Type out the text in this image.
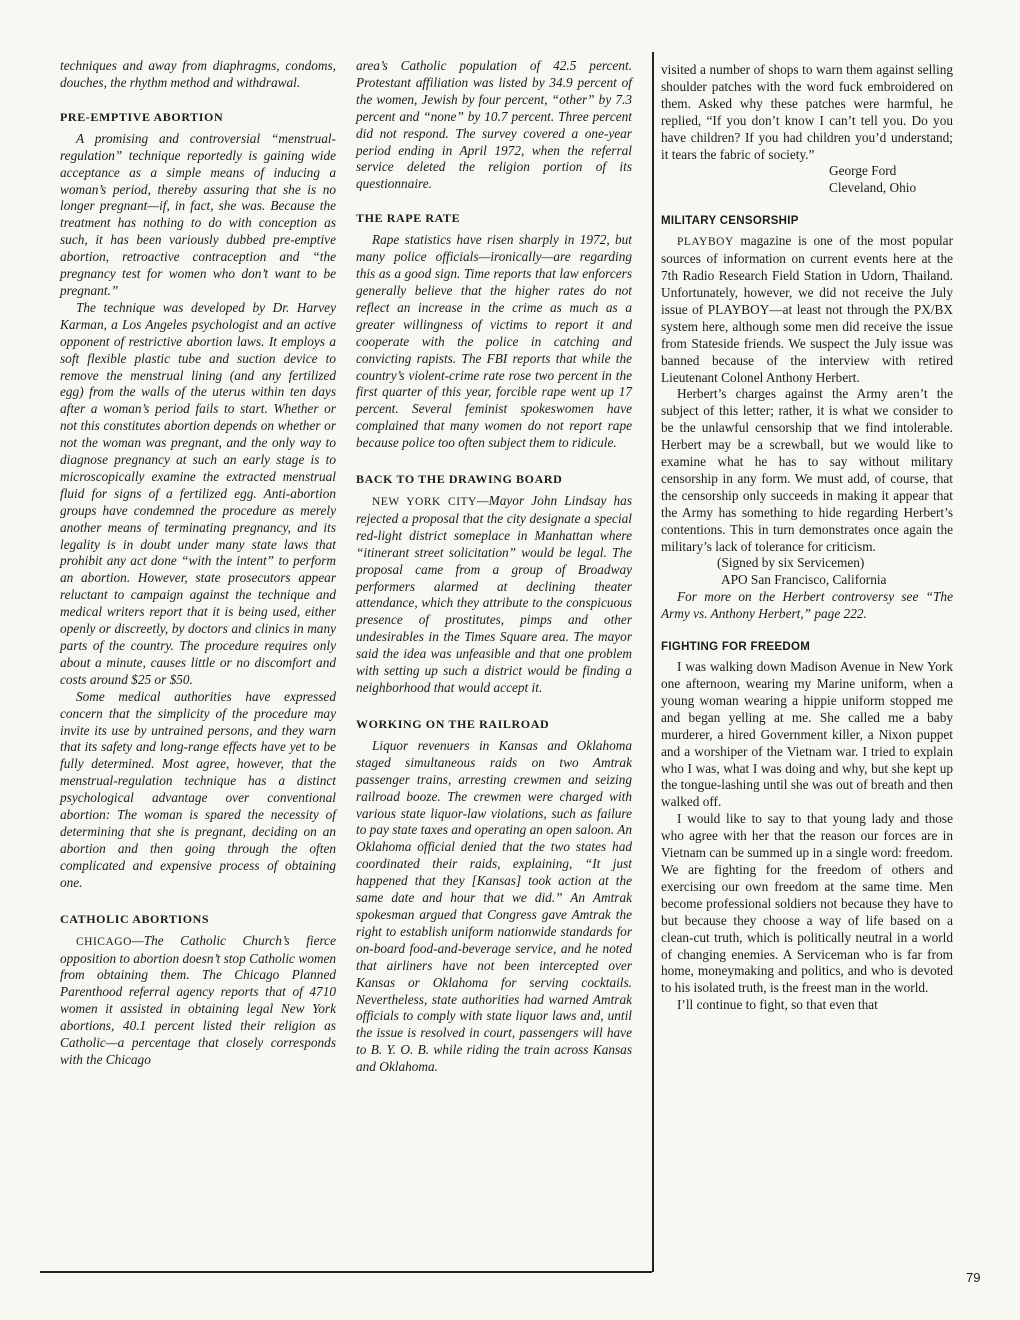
techniques and away from diaphragms, condoms, douches, the rhythm method and withdrawal.

PRE-EMPTIVE ABORTION

A promising and controversial “menstrual-regulation” technique reportedly is gaining wide acceptance as a simple means of inducing a woman’s period, thereby assuring that she is no longer pregnant—if, in fact, she was. Because the treatment has nothing to do with conception as such, it has been variously dubbed pre-emptive abortion, retroactive contraception and “the pregnancy test for women who don’t want to be pregnant.”

The technique was developed by Dr. Harvey Karman, a Los Angeles psychologist and an active opponent of restrictive abortion laws. It employs a soft flexible plastic tube and suction device to remove the menstrual lining (and any fertilized egg) from the walls of the uterus within ten days after a woman’s period fails to start. Whether or not this constitutes abortion depends on whether or not the woman was pregnant, and the only way to diagnose pregnancy at such an early stage is to microscopically examine the extracted menstrual fluid for signs of a fertilized egg. Anti-abortion groups have condemned the procedure as merely another means of terminating pregnancy, and its legality is in doubt under many state laws that prohibit any act done “with the intent” to perform an abortion. However, state prosecutors appear reluctant to campaign against the technique and medical writers report that it is being used, either openly or discreetly, by doctors and clinics in many parts of the country. The procedure requires only about a minute, causes little or no discomfort and costs around $25 or $50.

Some medical authorities have expressed concern that the simplicity of the procedure may invite its use by untrained persons, and they warn that its safety and long-range effects have yet to be fully determined. Most agree, however, that the menstrual-regulation technique has a distinct psychological advantage over conventional abortion: The woman is spared the necessity of determining that she is pregnant, deciding on an abortion and then going through the often complicated and expensive process of obtaining one.

CATHOLIC ABORTIONS

CHICAGO—The Catholic Church’s fierce opposition to abortion doesn’t stop Catholic women from obtaining them. The Chicago Planned Parenthood referral agency reports that of 4710 women it assisted in obtaining legal New York abortions, 40.1 percent listed their religion as Catholic—a percentage that closely corresponds with the Chicago

area’s Catholic population of 42.5 percent. Protestant affiliation was listed by 34.9 percent of the women, Jewish by four percent, “other” by 7.3 percent and “none” by 10.7 percent. Three percent did not respond. The survey covered a one-year period ending in April 1972, when the referral service deleted the religion portion of its questionnaire.

THE RAPE RATE

Rape statistics have risen sharply in 1972, but many police officials—ironically—are regarding this as a good sign. Time reports that law enforcers generally believe that the higher rates do not reflect an increase in the crime as much as a greater willingness of victims to report it and cooperate with the police in catching and convicting rapists. The FBI reports that while the country’s violent-crime rate rose two percent in the first quarter of this year, forcible rape went up 17 percent. Several feminist spokeswomen have complained that many women do not report rape because police too often subject them to ridicule.

BACK TO THE DRAWING BOARD

NEW YORK CITY—Mayor John Lindsay has rejected a proposal that the city designate a special red-light district someplace in Manhattan where “itinerant street solicitation” would be legal. The proposal came from a group of Broadway performers alarmed at declining theater attendance, which they attribute to the conspicuous presence of prostitutes, pimps and other undesirables in the Times Square area. The mayor said the idea was unfeasible and that one problem with setting up such a district would be finding a neighborhood that would accept it.

WORKING ON THE RAILROAD

Liquor revenuers in Kansas and Oklahoma staged simultaneous raids on two Amtrak passenger trains, arresting crewmen and seizing railroad booze. The crewmen were charged with various state liquor-law violations, such as failure to pay state taxes and operating an open saloon. An Oklahoma official denied that the two states had coordinated their raids, explaining, “It just happened that they [Kansas] took action at the same date and hour that we did.” An Amtrak spokesman argued that Congress gave Amtrak the right to establish uniform nationwide standards for on-board food-and-beverage service, and he noted that airliners have not been intercepted over Kansas or Oklahoma for serving cocktails. Nevertheless, state authorities had warned Amtrak officials to comply with state liquor laws and, until the issue is resolved in court, passengers will have to B. Y. O. B. while riding the train across Kansas and Oklahoma.

visited a number of shops to warn them against selling shoulder patches with the word fuck embroidered on them. Asked why these patches were harmful, he replied, “If you don’t know I can’t tell you. Do you have children? If you had children you’d understand; it tears the fabric of society.”

George Ford

Cleveland, Ohio

MILITARY CENSORSHIP

PLAYBOY magazine is one of the most popular sources of information on current events here at the 7th Radio Research Field Station in Udorn, Thailand. Unfortunately, however, we did not receive the July issue of PLAYBOY—at least not through the PX/BX system here, although some men did receive the issue from Stateside friends. We suspect the July issue was banned because of the interview with retired Lieutenant Colonel Anthony Herbert.

Herbert’s charges against the Army aren’t the subject of this letter; rather, it is what we consider to be the unlawful censorship that we find intolerable. Herbert may be a screwball, but we would like to examine what he has to say without military censorship in any form. We must add, of course, that the censorship only succeeds in making it appear that the Army has something to hide regarding Herbert’s contentions. This in turn demonstrates once again the military’s lack of tolerance for criticism.

(Signed by six Servicemen)

APO San Francisco, California

For more on the Herbert controversy see “The Army vs. Anthony Herbert,” page 222.

FIGHTING FOR FREEDOM

I was walking down Madison Avenue in New York one afternoon, wearing my Marine uniform, when a young woman wearing a hippie uniform stopped me and began yelling at me. She called me a baby murderer, a hired Government killer, a Nixon puppet and a worshiper of the Vietnam war. I tried to explain who I was, what I was doing and why, but she kept up the tongue-lashing until she was out of breath and then walked off.

I would like to say to that young lady and those who agree with her that the reason our forces are in Vietnam can be summed up in a single word: freedom. We are fighting for the freedom of others and exercising our own freedom at the same time. Men become professional soldiers not because they have to but because they choose a way of life based on a clean-cut truth, which is politically neutral in a world of changing enemies. A Serviceman who is far from home, moneymaking and politics, and who is devoted to his isolated truth, is the freest man in the world.

I’ll continue to fight, so that even that

79
